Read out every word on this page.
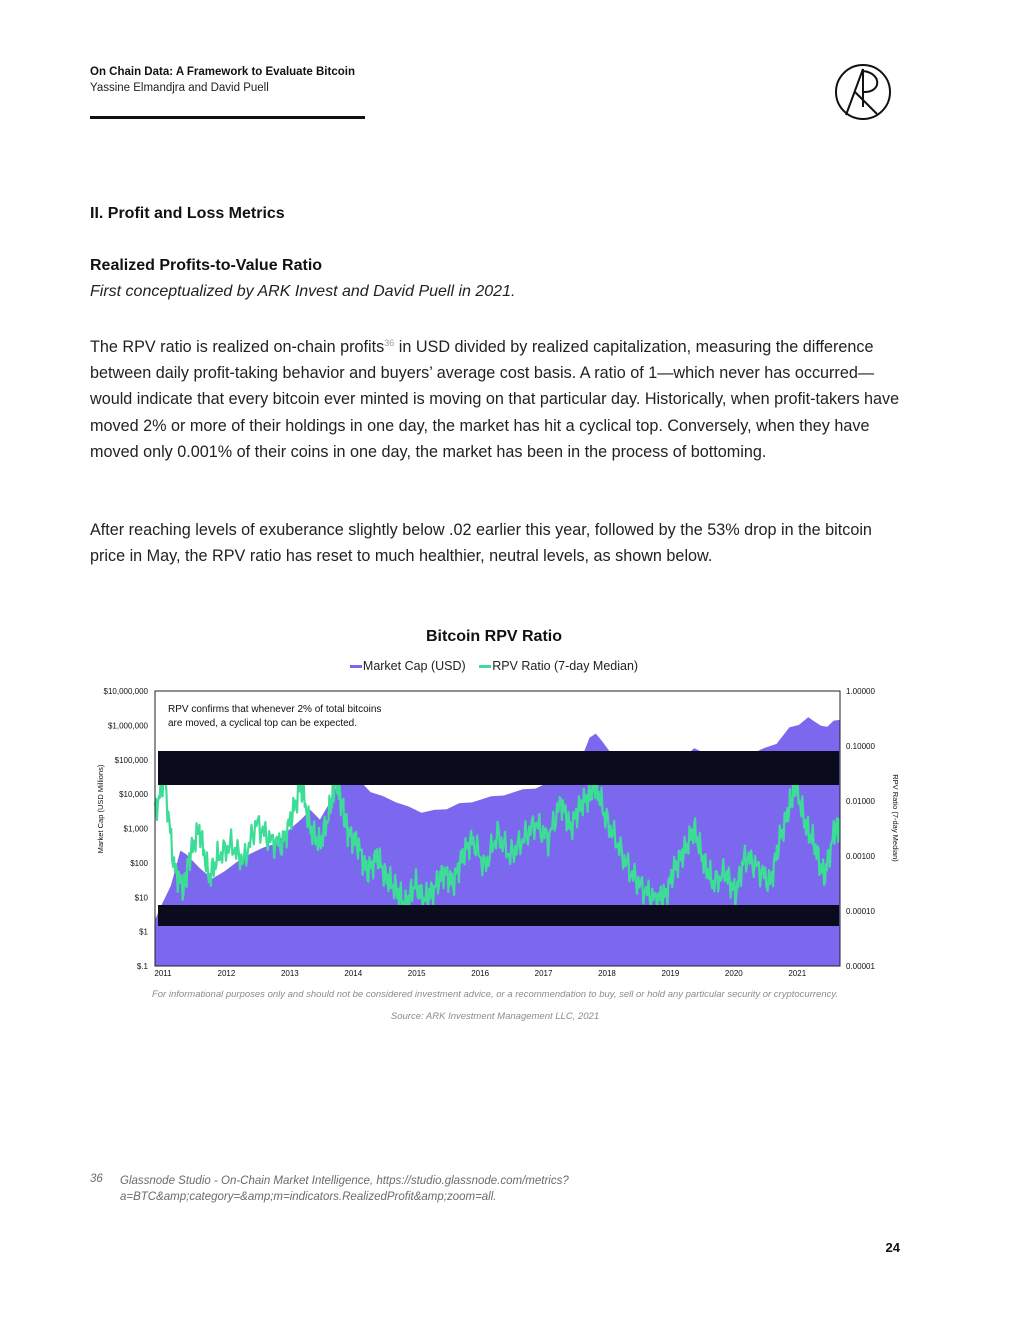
On Chain Data: A Framework to Evaluate Bitcoin
Yassine Elmandjra and David Puell
II. Profit and Loss Metrics
Realized Profits-to-Value Ratio
First conceptualized by ARK Invest and David Puell in 2021.

The RPV ratio is realized on-chain profits$^{36}$ in USD divided by realized capitalization, measuring the difference between daily profit-taking behavior and buyers’ average cost basis. A ratio of 1—which never has occurred—would indicate that every bitcoin ever minted is moving on that particular day. Historically, when profit-takers have moved 2% or more of their holdings in one day, the market has hit a cyclical top. Conversely, when they have moved only 0.001% of their coins in one day, the market has been in the process of bottoming.

After reaching levels of exuberance slightly below .02 earlier this year, followed by the 53% drop in the bitcoin price in May, the RPV ratio has reset to much healthier, neutral levels, as shown below.

Bitcoin RPV Ratio
Market Cap (USD) RPV Ratio (7-day Median)
RPV confirms that whenever 2% of total bitcoins
are moved, a cyclical top can be expected.
$10,000,000
$1,000,000
$100,000
$10,000
$1,000
$100
$10
$1
$.1
1.00000
0.10000
0.01000
0.00100
0.00010
0.00001
2011	2012	2013	2014	2015	2016	2017	2018	2019	2020	2021
Market Cap (USD Millions)	RPV Ratio (7-day Median)
For informational purposes only and should not be considered investment advice, or a recommendation to buy, sell or hold any particular security or cryptocurrency.
Source: ARK Investment Management LLC, 2021
36 Glassnode Studio - On-Chain Market Intelligence, https://studio.glassnode.com/metrics?a=BTC&amp;category=&amp;m=indicators.RealizedProfit&amp;zoom=all.
24
